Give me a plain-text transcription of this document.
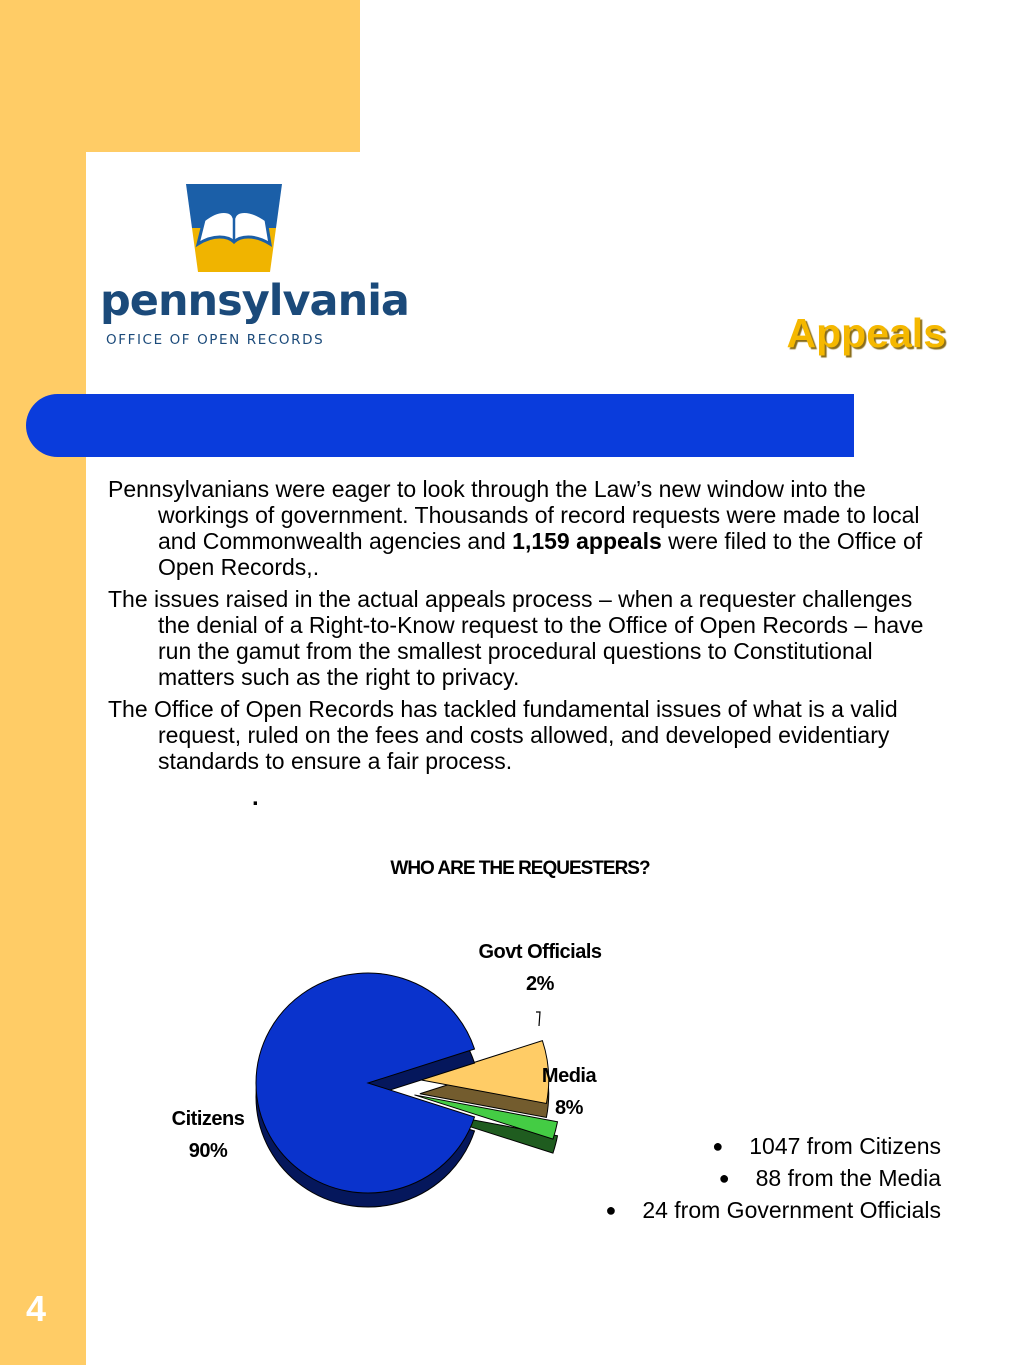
pennsylvania
OFFICE OF OPEN RECORDS	Appeals

Pennsylvanians were eager to look through the Law’s new window into the workings of government. Thousands of record requests were made to local and Commonwealth agencies and 1,159 appeals were filed to the Office of Open Records,.

The issues raised in the actual appeals process – when a requester challenges the denial of a Right-to-Know request to the Office of Open Records – have run the gamut from the smallest procedural questions to Constitutional matters such as the right to privacy.

The Office of Open Records has tackled fundamental issues of what is a valid request, ruled on the fees and costs allowed, and developed evidentiary standards to ensure a fair process.

.
WHO ARE THE REQUESTERS?
Govt Officials
2%
Media
8%
Citizens
90%	● 1047 from Citizens
● 88 from the Media
● 24 from Government Officials
4
